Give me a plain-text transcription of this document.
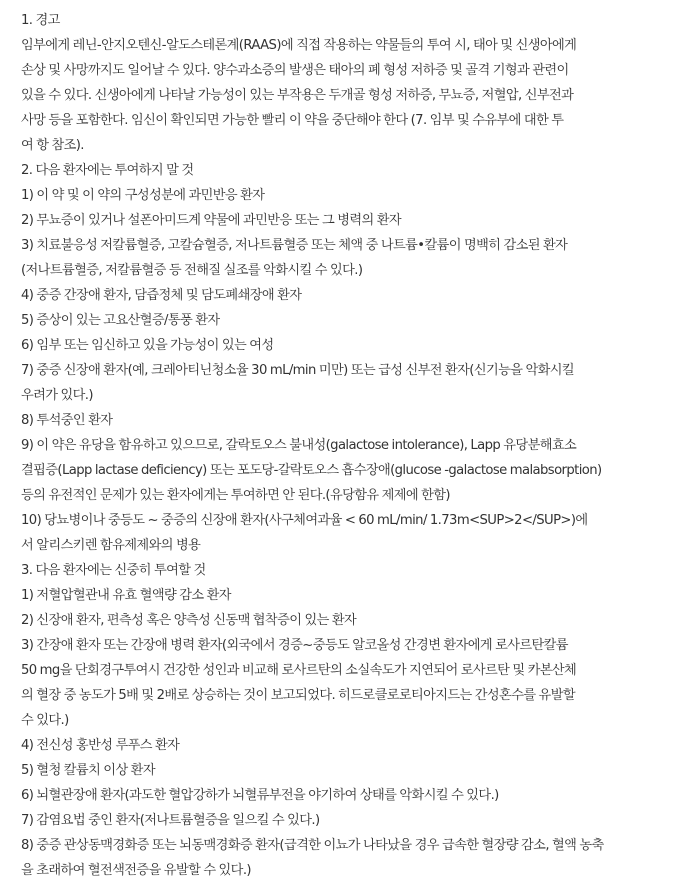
1. 경고
임부에게 레닌-안지오텐신-알도스테론계(RAAS)에 직접 작용하는 약물들의 투여 시, 태아 및 신생아에게
손상 및 사망까지도 일어날 수 있다. 양수과소증의 발생은 태아의 폐 형성 저하증 및 골격 기형과 관련이
있을 수 있다. 신생아에게 나타날 가능성이 있는 부작용은 두개골 형성 저하증, 무뇨증, 저혈압, 신부전과
사망 등을 포함한다. 임신이 확인되면 가능한 빨리 이 약을 중단해야 한다 (7. 임부 및 수유부에 대한 투
여 항 참조).
2. 다음 환자에는 투여하지 말 것
1) 이 약 및 이 약의 구성성분에 과민반응 환자
2) 무뇨증이 있거나 설폰아미드계 약물에 과민반응 또는 그 병력의 환자
3) 치료불응성 저칼륨혈증, 고칼슘혈증, 저나트륨혈증 또는 체액 중 나트륨•칼륨이 명백히 감소된 환자
(저나트륨혈증, 저칼륨혈증 등 전해질 실조를 악화시킬 수 있다.)
4) 중증 간장애 환자, 담즙정체 및 담도폐쇄장애 환자
5) 증상이 있는 고요산혈증/통풍 환자
6) 임부 또는 임신하고 있을 가능성이 있는 여성
7) 중증 신장애 환자(예, 크레아티닌청소율 30 mL/min 미만) 또는 급성 신부전 환자(신기능을 악화시킬
우려가 있다.)
8) 투석중인 환자
9) 이 약은 유당을 함유하고 있으므로, 갈락토오스 불내성(galactose intolerance), Lapp 유당분해효소
결핍증(Lapp lactase deficiency) 또는 포도당-갈락토오스 흡수장애(glucose -galactose malabsorption)
등의 유전적인 문제가 있는 환자에게는 투여하면 안 된다.(유당함유 제제에 한함)
10) 당뇨병이나 중등도 ~ 중증의 신장애 환자(사구체여과율 < 60 mL/min/ 1.73m<SUP>2</SUP>)에
서 알리스키렌 함유제제와의 병용
3. 다음 환자에는 신중히 투여할 것
1) 저혈압혈관내 유효 혈액량 감소 환자
2) 신장애 환자, 편측성 혹은 양측성 신동맥 협착증이 있는 환자
3) 간장애 환자 또는 간장애 병력 환자(외국에서 경증~중등도 알코올성 간경변 환자에게 로사르탄칼륨
50 mg을 단회경구투여시 건강한 성인과 비교해 로사르탄의 소실속도가 지연되어 로사르탄 및 카본산체
의 혈장 중 농도가 5배 및 2배로 상승하는 것이 보고되었다. 히드로클로로티아지드는 간성혼수를 유발할
수 있다.)
4) 전신성 홍반성 루푸스 환자
5) 혈청 칼륨치 이상 환자
6) 뇌혈관장애 환자(과도한 혈압강하가 뇌혈류부전을 야기하여 상태를 악화시킬 수 있다.)
7) 감염요법 중인 환자(저나트륨혈증을 일으킬 수 있다.)
8) 중증 관상동맥경화증 또는 뇌동맥경화증 환자(급격한 이뇨가 나타났을 경우 급속한 혈장량 감소, 혈액 농축
을 초래하여 혈전색전증을 유발할 수 있다.)
